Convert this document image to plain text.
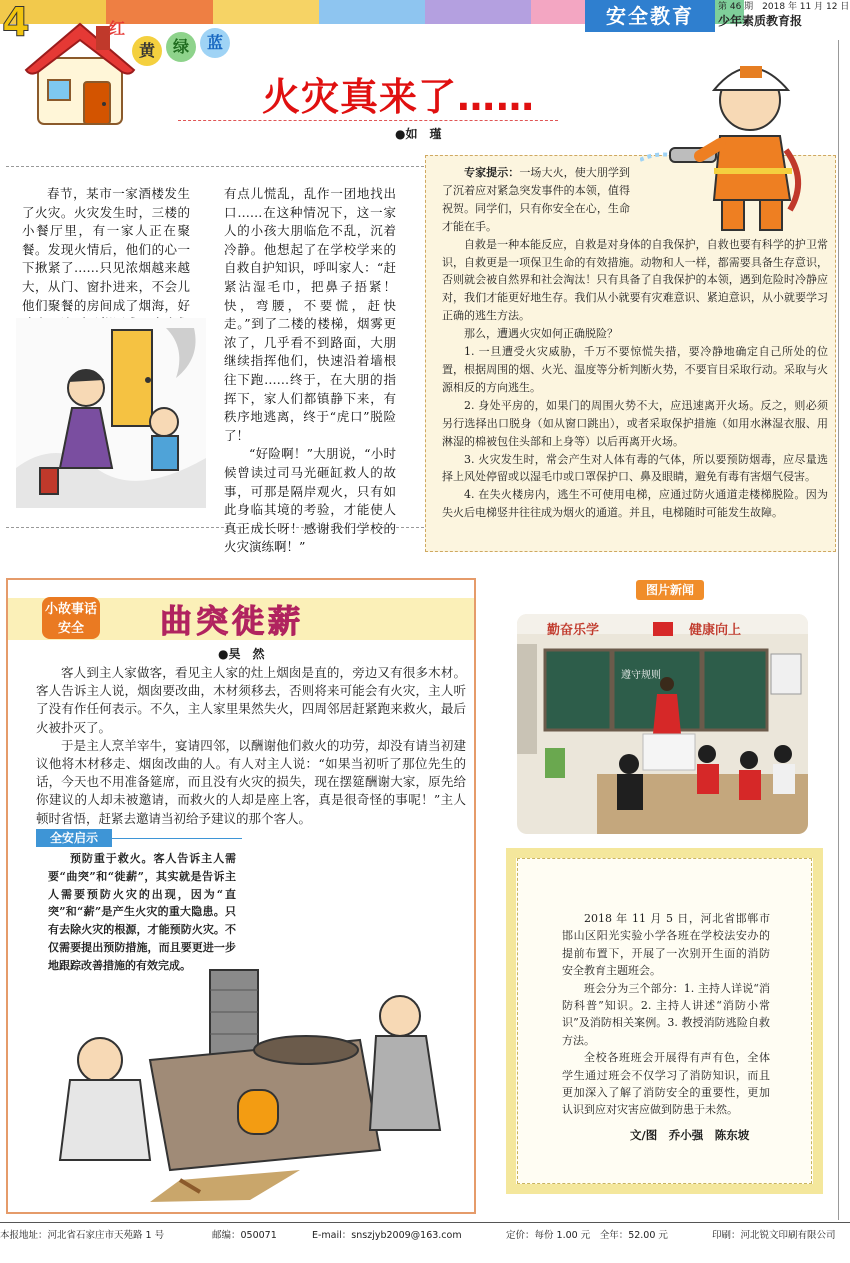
4	红
黄	绿	蓝
安全教育	第 46 期　2018 年 11 月 12 日
少年素质教育报
火灾真来了……
●如　瑾
春节，某市一家酒楼发生了火灾。火灾发生时，三楼的小餐厅里，有一家人正在聚餐。发现火情后，他们的心一下揪紧了……只见浓烟越来越大，从门、窗扑进来，不会儿他们聚餐的房间成了烟海，好

有点儿慌乱，乱作一团地找出口……在这种情况下，这一家人的小孩大朋临危不乱，沉着冷静。他想起了在学校学来的自救自护知识，呼叫家人：“赶紧沾湿毛巾，把鼻子捂紧！快，弯腰，不要慌，赶快走。”到了二楼的楼梯，烟雾更浓了，几乎看不到路面，大朋继续指挥他们，快速沿着墙根往下跑……终于，在大朋的指挥下，家人们都镇静下来，有秩序地逃离，终于“虎口”脱险了！

“好险啊！”大朋说，“小时候曾读过司马光砸缸救人的故事，可那是隔岸观火，只有如此身临其境的考验，才能使人真正成长呀！感谢我们学校的火灾演练啊！”

专家提示：一场大火，使大朋学到了沉着应对紧急突发事件的本领，值得祝贺。同学们，只有你安全在心，生命才能在手。

自救是一种本能反应，自救是对身体的自我保护，自救也要有科学的护卫常识，自救更是一项保卫生命的有效措施。动物和人一样，都需要具备生存意识，否则就会被自然界和社会淘汰！只有具备了自我保护的本领，遇到危险时冷静应对，我们才能更好地生存。我们从小就要有灾难意识、紧迫意识，从小就要学习正确的逃生方法。

那么，遭遇火灾如何正确脱险？

1. 一旦遭受火灾威胁，千万不要惊慌失措，要冷静地确定自己所处的位置，根据周围的烟、火光、温度等分析判断火势，不要盲目采取行动。采取与火源相反的方向逃生。

2. 身处平房的，如果门的周围火势不大，应迅速离开火场。反之，则必须另行选择出口脱身（如从窗口跳出），或者采取保护措施（如用水淋湿衣服、用淋湿的棉被包住头部和上身等）以后再离开火场。

3. 火灾发生时，常会产生对人体有毒的气体，所以要预防烟毒，应尽量选择上风处停留或以湿毛巾或口罩保护口、鼻及眼睛，避免有毒有害烟气侵害。

4. 在失火楼房内，逃生不可使用电梯，应通过防火通道走楼梯脱险。因为失火后电梯竖井往往成为烟火的通道。并且，电梯随时可能发生故障。

小故事话安全	曲突徙薪
●昊　然

客人到主人家做客，看见主人家的灶上烟囱是直的，旁边又有很多木材。客人告诉主人说，烟囱要改曲，木材须移去，否则将来可能会有火灾，主人听了没有作任何表示。不久，主人家里果然失火，四周邻居赶紧跑来救火，最后火被扑灭了。

于是主人烹羊宰牛，宴请四邻，以酬谢他们救火的功劳，却没有请当初建议他将木材移走、烟囱改曲的人。有人对主人说：“如果当初听了那位先生的话，今天也不用准备筵席，而且没有火灾的损失，现在摆筵酬谢大家，原先给你建议的人却未被邀请，而救火的人却是座上客，真是很奇怪的事呢！”主人顿时省悟，赶紧去邀请当初给予建议的那个客人。

全安启示
预防重于救火。客人告诉主人需要“曲突”和“徙薪”，其实就是告诉主人需要预防火灾的出现，因为“直突”和“薪”是产生火灾的重大隐患。只有去除火灾的根源，才能预防火灾。不仅需要提出预防措施，而且要更进一步地跟踪改善措施的有效完成。
图片新闻
勤奋乐学	健康向上
遵守规则

2018 年 11 月 5 日，河北省邯郸市邯山区阳光实验小学各班在学校法安办的提前布置下，开展了一次别开生面的消防安全教育主题班会。

班会分为三个部分：1. 主持人详说“消防科普”知识。2. 主持人讲述“消防小常识”及消防相关案例。3. 教授消防逃险自救方法。

全校各班班会开展得有声有色，全体学生通过班会不仅学习了消防知识，而且更加深入了解了消防安全的重要性，更加认识到应对灾害应做到防患于未然。

文/图　乔小强　陈东坡
本报地址：河北省石家庄市天苑路 1 号	邮编：050071	E-mail：snszjyb2009@163.com	定价：每份 1.00 元　全年：52.00 元	印刷：河北锐文印刷有限公司
